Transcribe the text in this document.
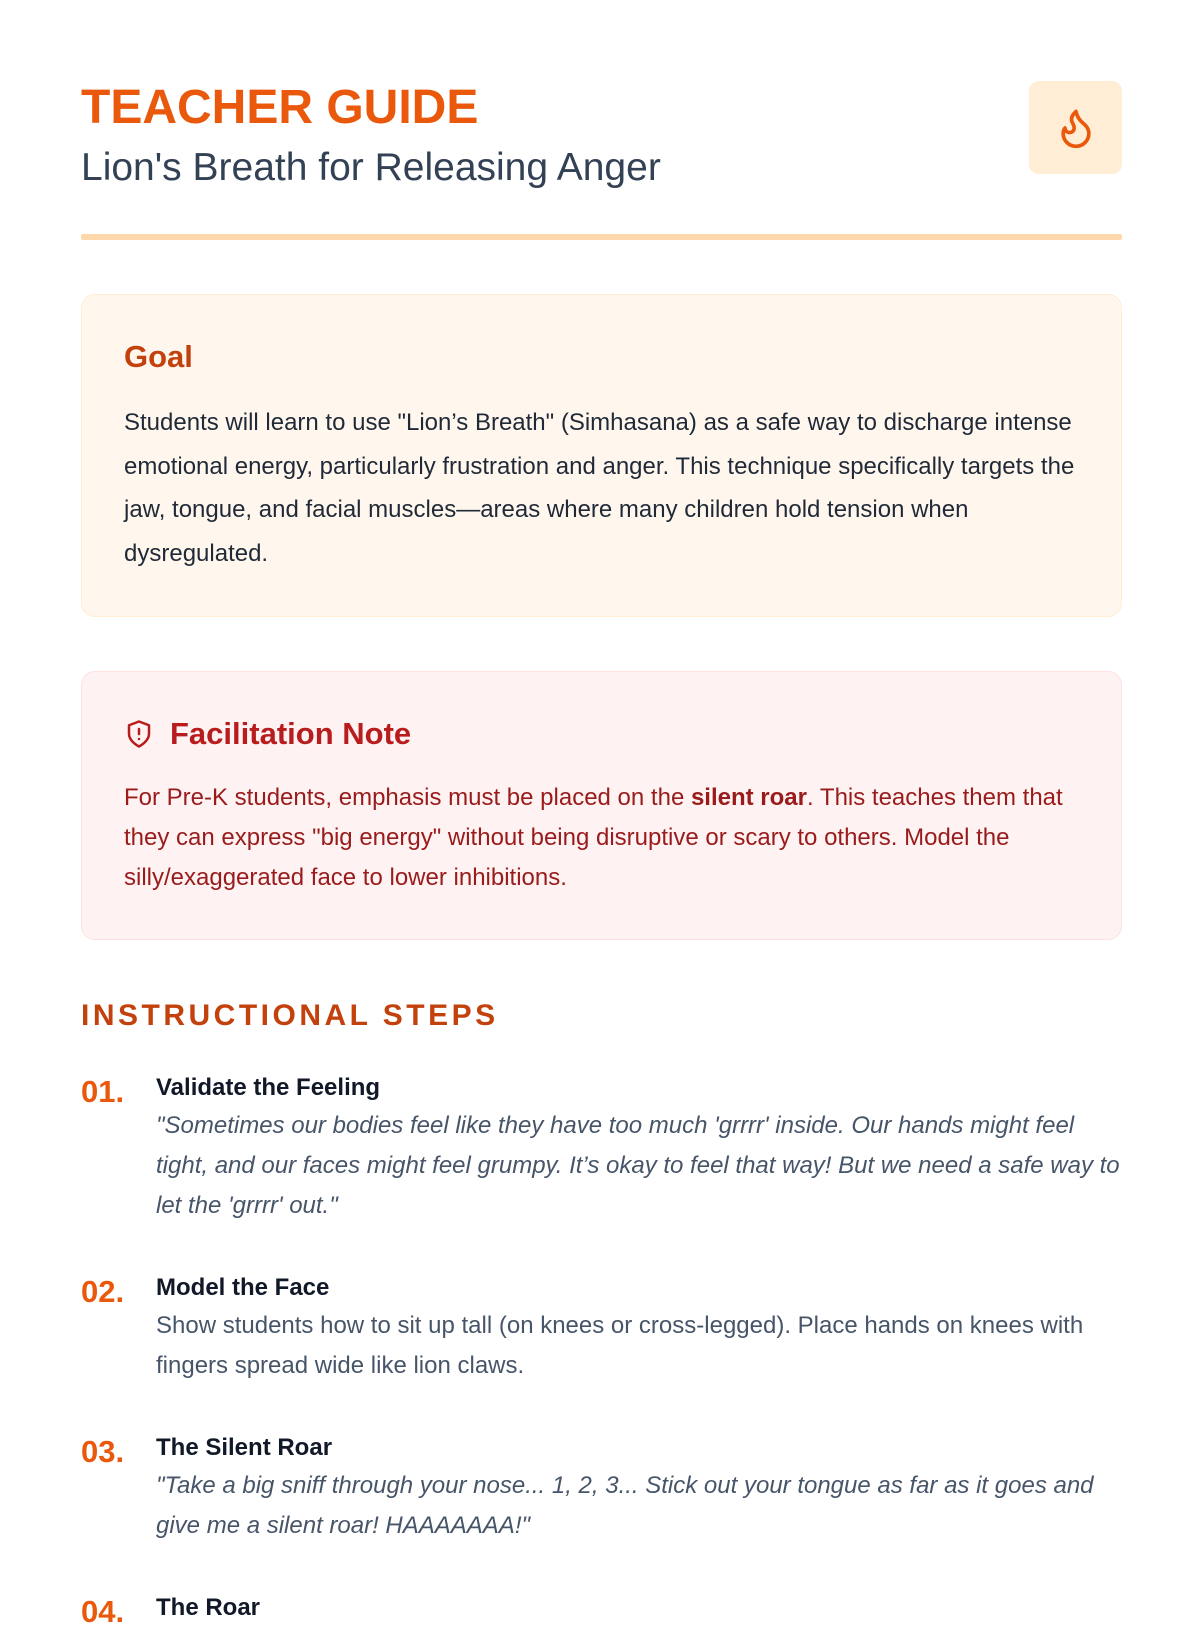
TEACHER GUIDE
Lion's Breath for Releasing Anger
Goal

Students will learn to use "Lion’s Breath" (Simhasana) as a safe way to discharge intense emotional energy, particularly frustration and anger. This technique specifically targets the jaw, tongue, and facial muscles—areas where many children hold tension when dysregulated.

Facilitation Note

For Pre-K students, emphasis must be placed on the silent roar. This teaches them that they can express "big energy" without being disruptive or scary to others. Model the silly/exaggerated face to lower inhibitions.

INSTRUCTIONAL STEPS
01. Validate the Feeling

"Sometimes our bodies feel like they have too much 'grrrr' inside. Our hands might feel tight, and our faces might feel grumpy. It’s okay to feel that way! But we need a safe way to let the 'grrrr' out."

02. Model the Face

Show students how to sit up tall (on knees or cross-legged). Place hands on knees with fingers spread wide like lion claws.

03. The Silent Roar

"Take a big sniff through your nose... 1, 2, 3... Stick out your tongue as far as it goes and give me a silent roar! HAAAAAAA!"

04. The Roar
